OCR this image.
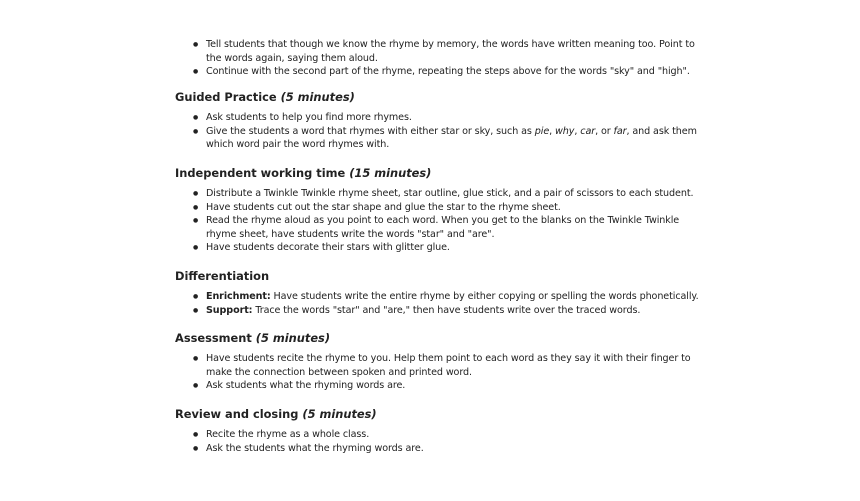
● Tell students that though we know the rhyme by memory, the words have written meaning too. Point to the words again, saying them aloud.
● Continue with the second part of the rhyme, repeating the steps above for the words "sky" and "high".
Guided Practice (5 minutes)
● Ask students to help you find more rhymes.
● Give the students a word that rhymes with either star or sky, such as pie, why, car, or far, and ask them which word pair the word rhymes with.
Independent working time (15 minutes)
● Distribute a Twinkle Twinkle rhyme sheet, star outline, glue stick, and a pair of scissors to each student.
● Have students cut out the star shape and glue the star to the rhyme sheet.
● Read the rhyme aloud as you point to each word. When you get to the blanks on the Twinkle Twinkle rhyme sheet, have students write the words "star" and "are".
● Have students decorate their stars with glitter glue.
Differentiation
● Enrichment: Have students write the entire rhyme by either copying or spelling the words phonetically.
● Support: Trace the words "star" and "are," then have students write over the traced words.
Assessment (5 minutes)
● Have students recite the rhyme to you. Help them point to each word as they say it with their finger to make the connection between spoken and printed word.
● Ask students what the rhyming words are.
Review and closing (5 minutes)
● Recite the rhyme as a whole class.
● Ask the students what the rhyming words are.
